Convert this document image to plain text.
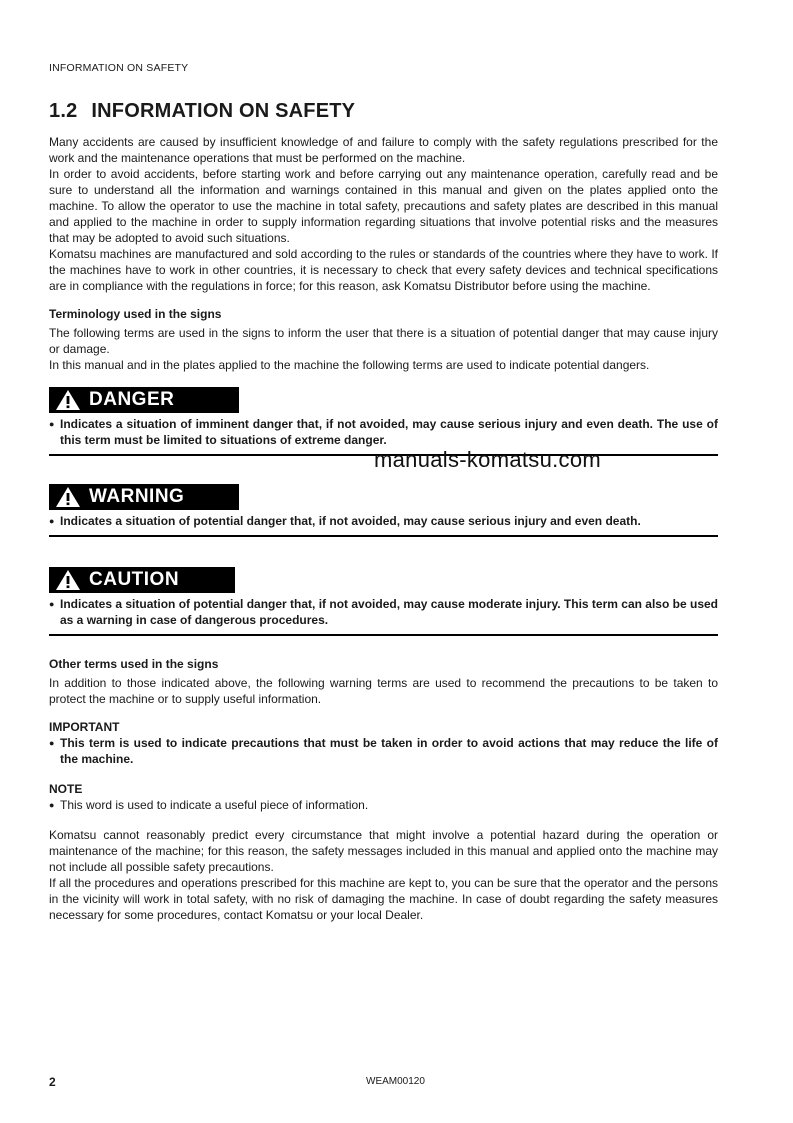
INFORMATION ON SAFETY
1.2 INFORMATION ON SAFETY

Many accidents are caused by insufficient knowledge of and failure to comply with the safety regulations prescribed for the work and the maintenance operations that must be performed on the machine.

In order to avoid accidents, before starting work and before carrying out any maintenance operation, carefully read and be sure to understand all the information and warnings contained in this manual and given on the plates applied onto the machine. To allow the operator to use the machine in total safety, precautions and safety plates are described in this manual and applied to the machine in order to supply information regarding situations that involve potential risks and the measures that may be adopted to avoid such situations.

Komatsu machines are manufactured and sold according to the rules or standards of the countries where they have to work. If the machines have to work in other countries, it is necessary to check that every safety devices and technical specifications are in compliance with the regulations in force; for this reason, ask Komatsu Distributor before using the machine.

Terminology used in the signs

The following terms are used in the signs to inform the user that there is a situation of potential danger that may cause injury or damage.

In this manual and in the plates applied to the machine the following terms are used to indicate potential dangers.

DANGER
● Indicates a situation of imminent danger that, if not avoided, may cause serious injury and even death. The use of this term must be limited to situations of extreme danger.
WARNING
● Indicates a situation of potential danger that, if not avoided, may cause serious injury and even death.
CAUTION
● Indicates a situation of potential danger that, if not avoided, may cause moderate injury. This term can also be used as a warning in case of dangerous procedures.
Other terms used in the signs

In addition to those indicated above, the following warning terms are used to recommend the precautions to be taken to protect the machine or to supply useful information.

IMPORTANT
● This term is used to indicate precautions that must be taken in order to avoid actions that may reduce the life of the machine.
NOTE
● This word is used to indicate a useful piece of information.

Komatsu cannot reasonably predict every circumstance that might involve a potential hazard during the operation or maintenance of the machine; for this reason, the safety messages included in this manual and applied onto the machine may not include all possible safety precautions.

If all the procedures and operations prescribed for this machine are kept to, you can be sure that the operator and the persons in the vicinity will work in total safety, with no risk of damaging the machine. In case of doubt regarding the safety measures necessary for some procedures, contact Komatsu or your local Dealer.

manuals-komatsu.com
2	WEAM00120
